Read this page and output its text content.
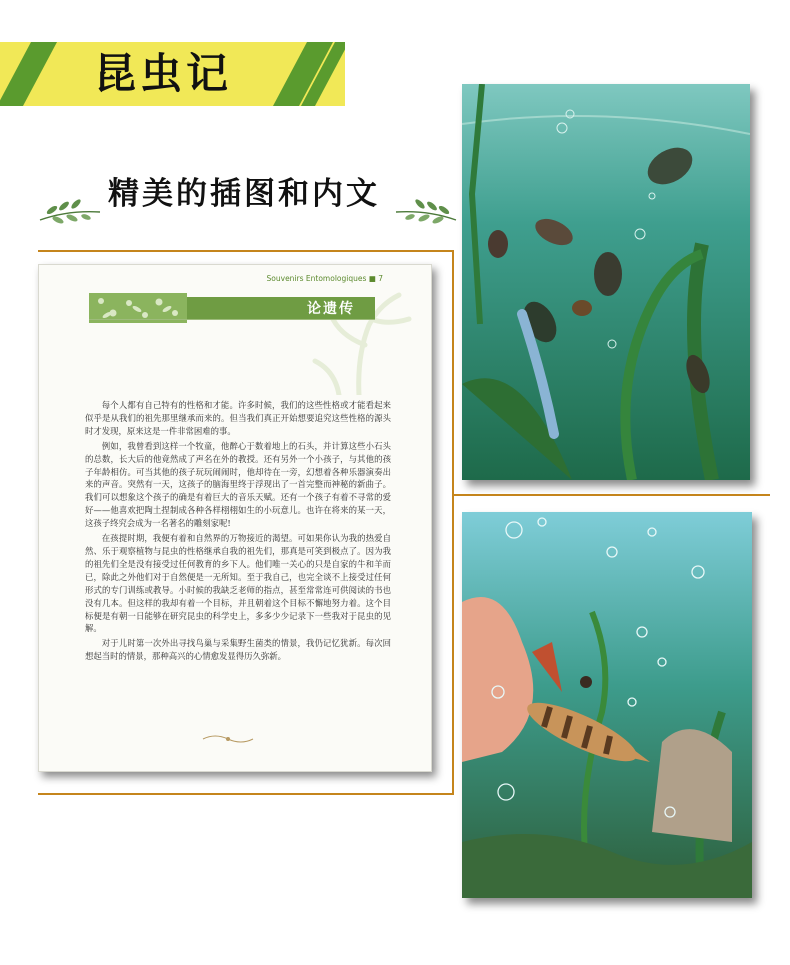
昆虫记
精美的插图和内文
Souvenirs Entomologiques ■ 7
论遗传

每个人都有自己特有的性格和才能。许多时候，我们的这些性格或才能看起来似乎是从我们的祖先那里继承而来的。但当我们真正开始想要追究这些性格的源头时才发现，原来这是一件非常困难的事。

例如，我曾看到这样一个牧童，他醉心于数着地上的石头，并计算这些小石头的总数，长大后的他竟然成了声名在外的教授。还有另外一个小孩子，与其他的孩子年龄相仿。可当其他的孩子玩玩闹闹时，他却待在一旁，幻想着各种乐器演奏出来的声音。突然有一天，这孩子的脑海里终于浮现出了一首完整而神秘的新曲子。我们可以想象这个孩子的确是有着巨大的音乐天赋。还有一个孩子有着不寻常的爱好——他喜欢把陶土捏制成各种各样栩栩如生的小玩意儿。也许在将来的某一天，这孩子终究会成为一名著名的雕刻家呢!

在孩提时期，我便有着和自然界的万物接近的渴望。可如果你认为我的热爱自然、乐于观察植物与昆虫的性格继承自我的祖先们，那真是可笑到极点了。因为我的祖先们全是没有接受过任何教育的乡下人。他们唯一关心的只是自家的牛和羊而已，除此之外他们对于自然便是一无所知。至于我自己，也完全谈不上接受过任何形式的专门训练或教导。小时候的我缺乏老师的指点，甚至常常连可供阅读的书也没有几本。但这样的我却有着一个目标，并且朝着这个目标不懈地努力着。这个目标便是有朝一日能够在研究昆虫的科学史上，多多少少记录下一些我对于昆虫的见解。

对于儿时第一次外出寻找鸟巢与采集野生菌类的情景，我仍记忆犹新。每次回想起当时的情景，那种高兴的心情愈发显得历久弥新。
